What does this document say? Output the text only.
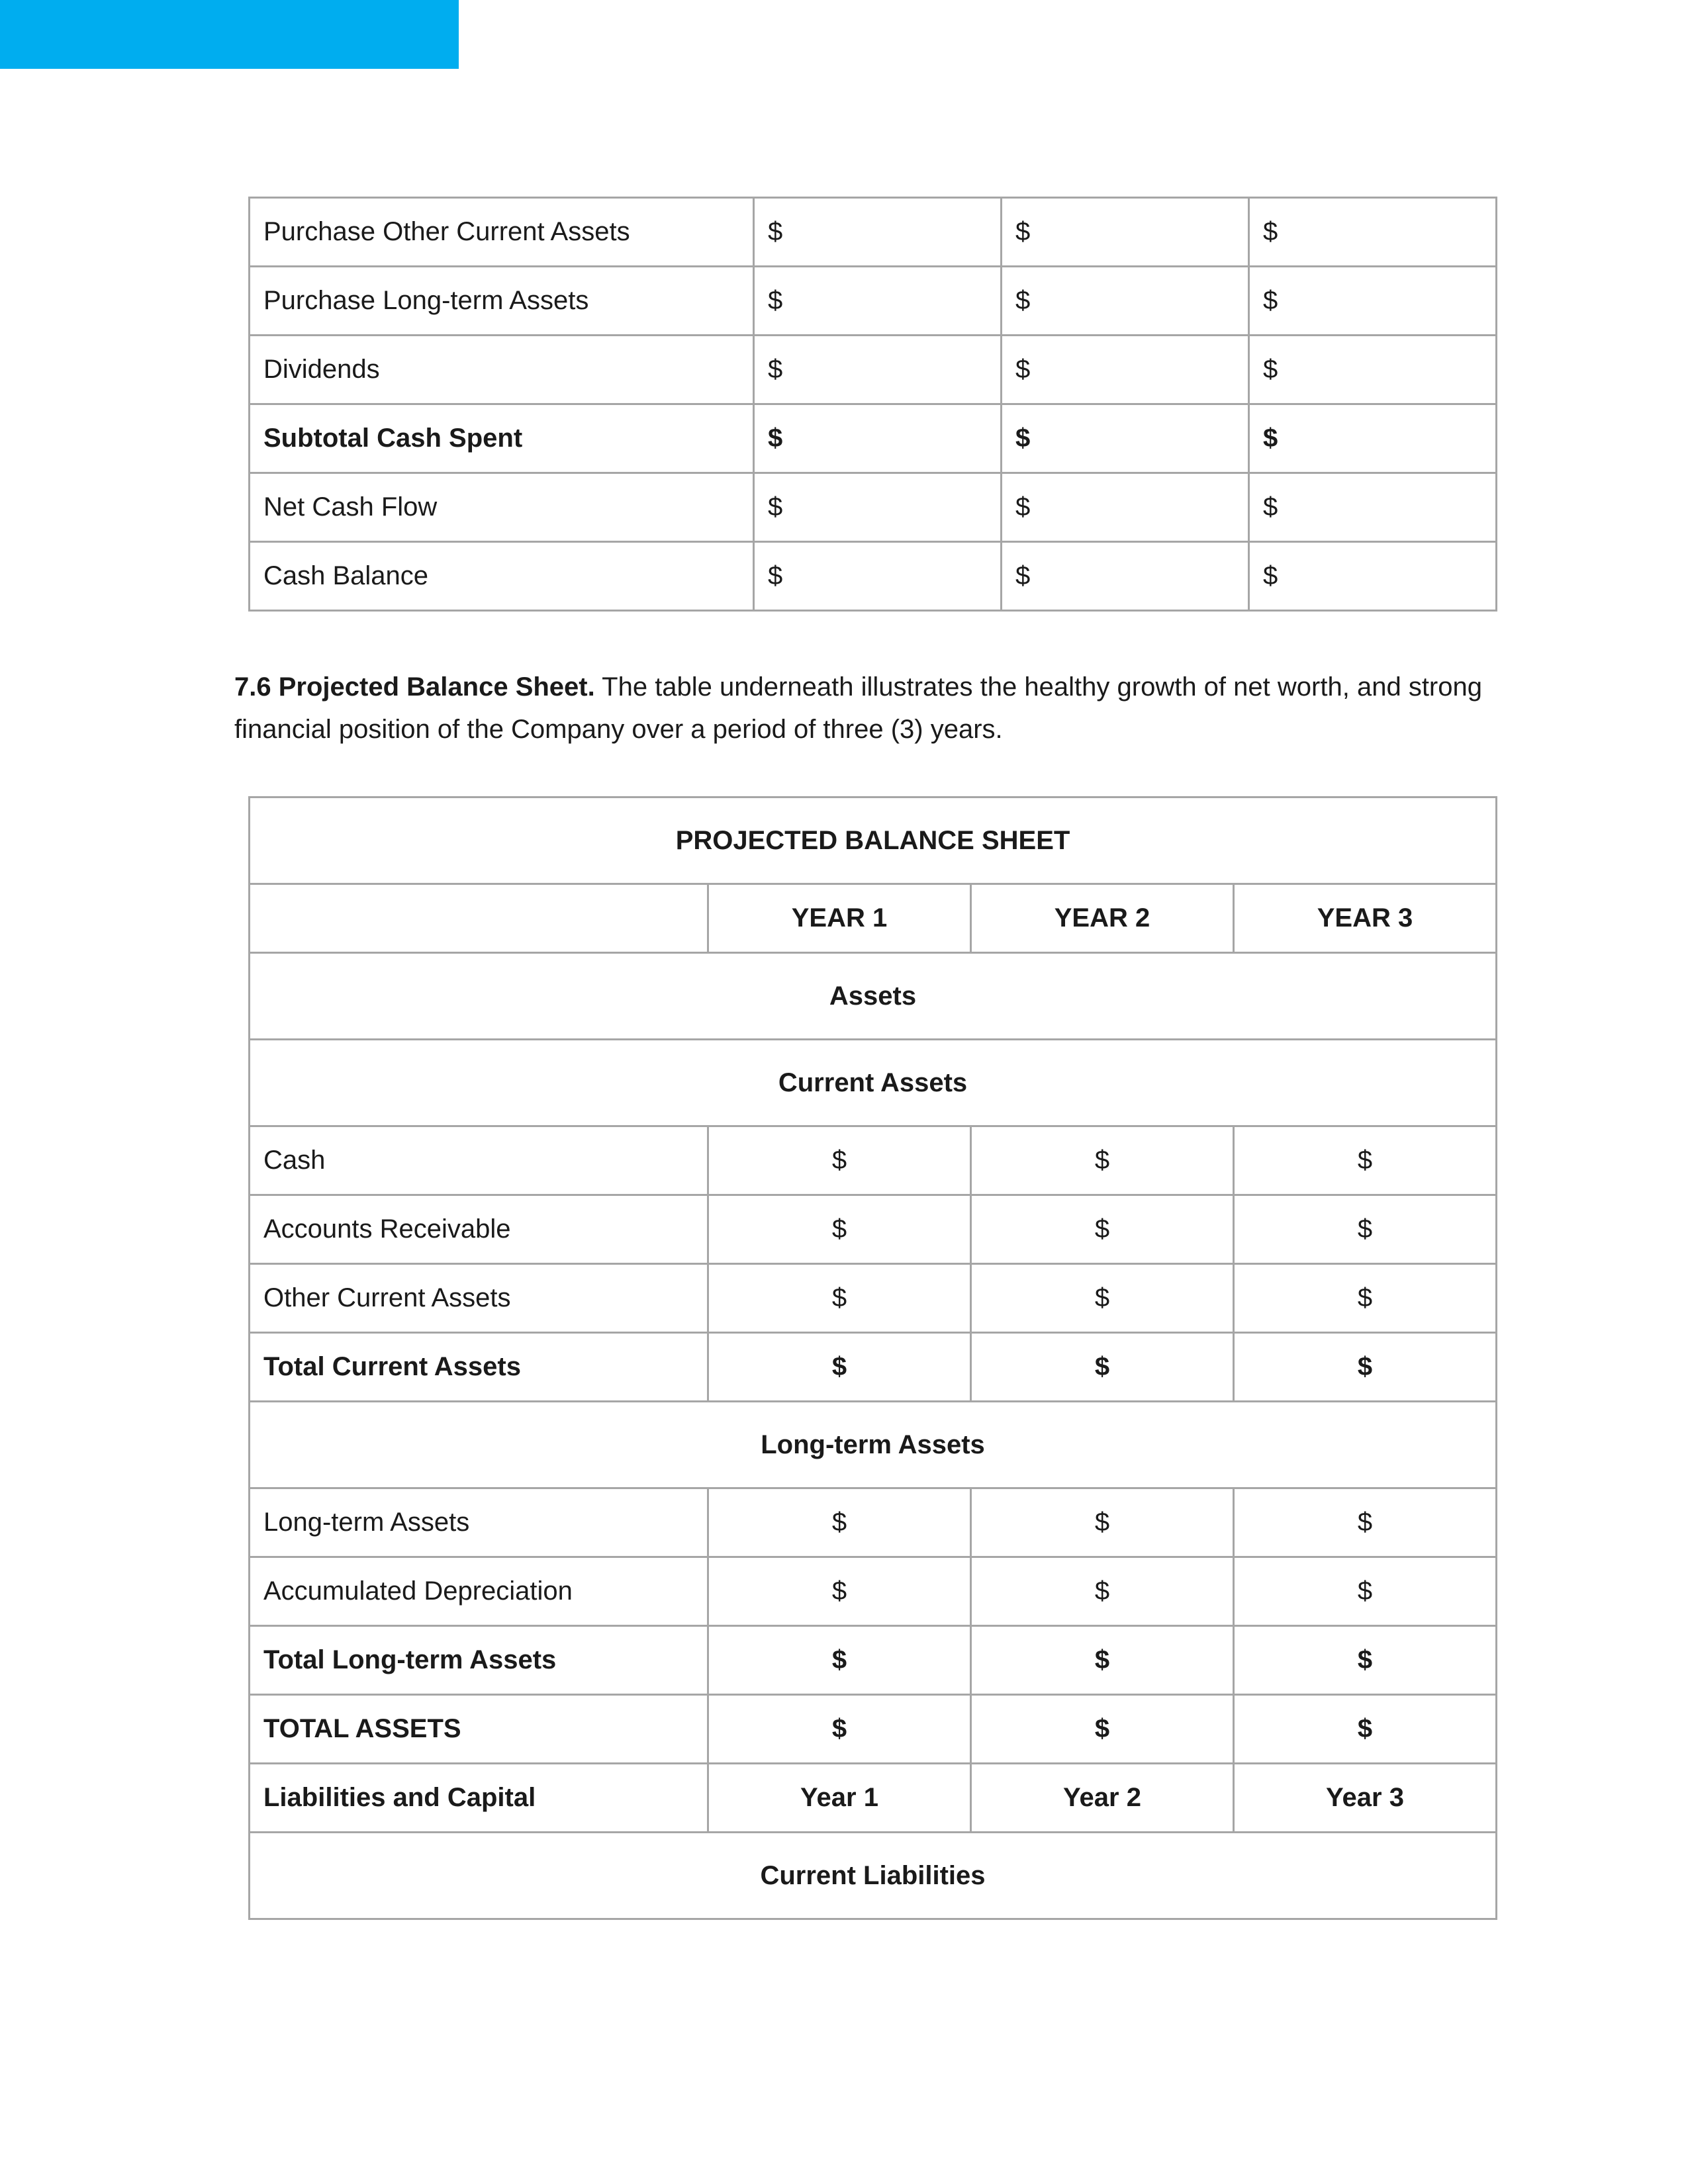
Purchase Other Current Assets	$	$	$
Purchase Long-term Assets	$	$	$
Dividends	$	$	$
Subtotal Cash Spent	$	$	$
Net Cash Flow	$	$	$
Cash Balance	$	$	$

7.6 Projected Balance Sheet. The table underneath illustrates the healthy growth of net worth, and strong financial position of the Company over a period of three (3) years.

PROJECTED BALANCE SHEET			
	YEAR 1	YEAR 2	YEAR 3
Assets			
Current Assets			
Cash	$	$	$
Accounts Receivable	$	$	$
Other Current Assets	$	$	$
Total Current Assets	$	$	$
Long-term Assets			
Long-term Assets	$	$	$
Accumulated Depreciation	$	$	$
Total Long-term Assets	$	$	$
TOTAL ASSETS	$	$	$
Liabilities and Capital	Year 1	Year 2	Year 3
Current Liabilities			
